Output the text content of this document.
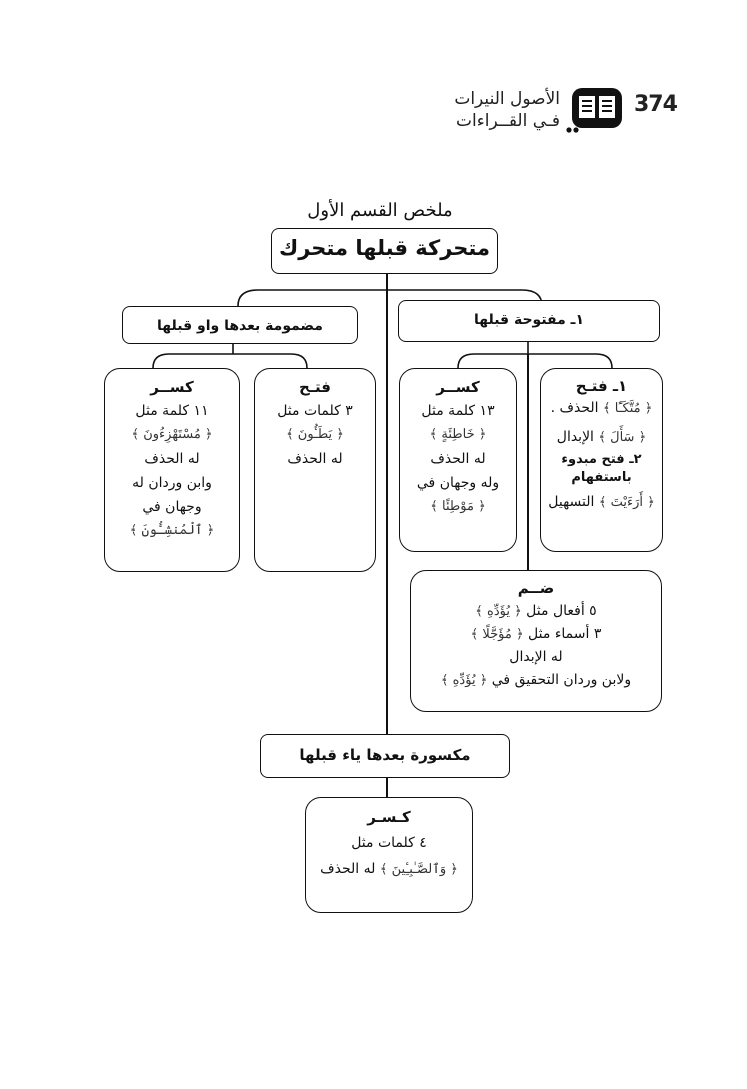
374
الأصول النيرات
فـي القــراءات
ملخص القسم الأول
متحركة قبلها متحرك
١ـ مفتوحة قبلها
مضمومة بعدها واو قبلها
١ـ فتـح
﴿ مُتَّكَـًٔا ﴾ الحذف .
﴿ سَأَلَ ﴾ الإبدال
٢ـ فتح مبدوء باستفهام
﴿ أَرَءَيْتَ ﴾ التسهيل
كســر
١٣ كلمة مثل
﴿ خَاطِئَةٍ ﴾
له الحذف
وله وجهان في
﴿ مَوْطِئًا ﴾
فتـح
٣ كلمات مثل
﴿ يَطَـُٔونَ ﴾
له الحذف
كســر
١١ كلمة مثل
﴿ مُسْتَهْزِءُونَ ﴾
له الحذف
وابن وردان له
وجهان في
﴿ ٱلْمُنشِـُٔونَ ﴾
ضــم
٥ أفعال مثل ﴿ يُؤَدِّهِ ﴾
٣ أسماء مثل ﴿ مُؤَجَّلًا ﴾
له الإبدال
ولابن وردان التحقيق في ﴿ يُؤَدِّهِ ﴾
مكسورة بعدها ياء قبلها
كـسـر
٤ كلمات مثل
﴿ وَٱلصَّـٰبِـِٔينَ ﴾ له الحذف
